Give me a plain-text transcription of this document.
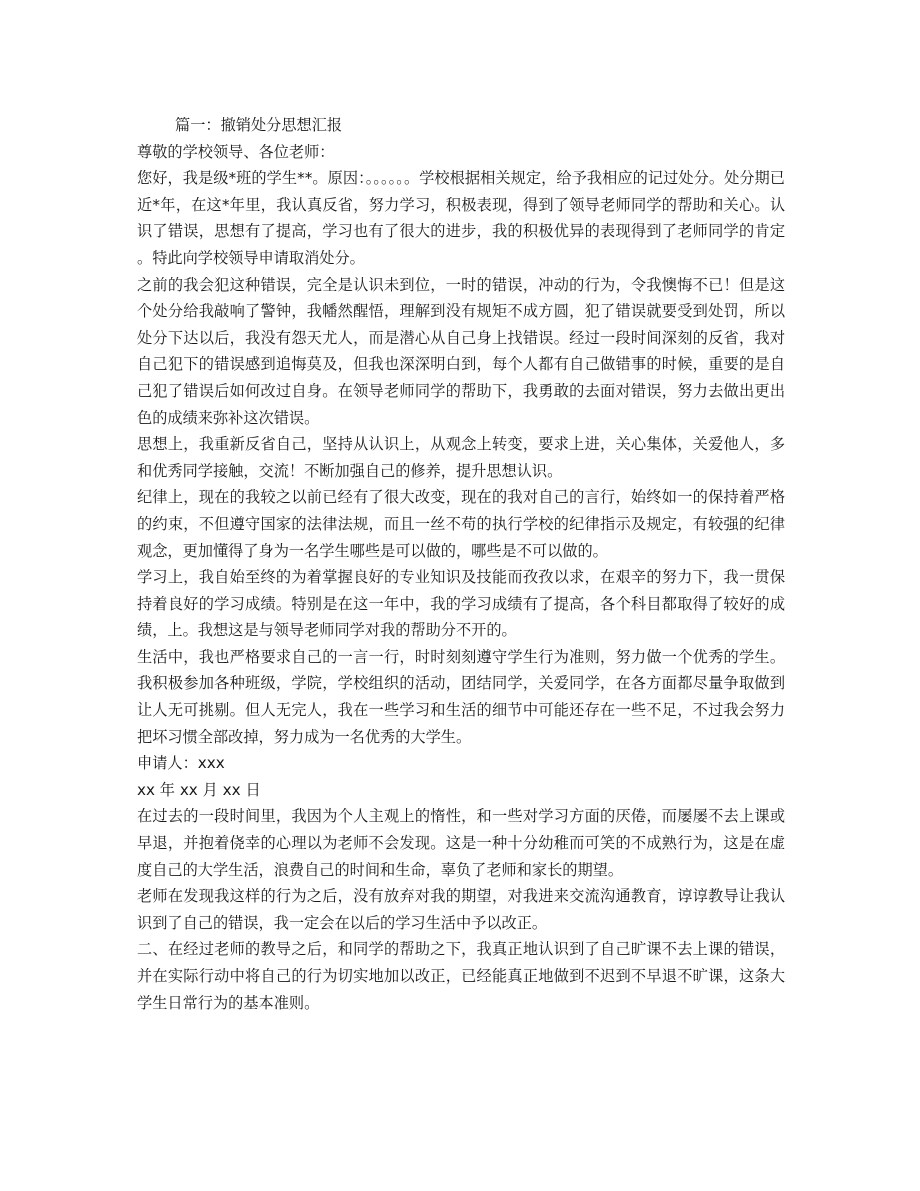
篇一：撤销处分思想汇报

尊敬的学校领导、各位老师：

您好，我是级*班的学生**。原因：。。。。。。学校根据相关规定，给予我相应的记过处分。处分期已近*年，在这*年里，我认真反省，努力学习，积极表现，得到了领导老师同学的帮助和关心。认识了错误，思想有了提高，学习也有了很大的进步，我的积极优异的表现得到了老师同学的肯定。特此向学校领导申请取消处分。

之前的我会犯这种错误，完全是认识未到位，一时的错误，冲动的行为，令我懊悔不已！但是这个处分给我敲响了警钟，我幡然醒悟，理解到没有规矩不成方圆，犯了错误就要受到处罚，所以处分下达以后，我没有怨天尤人，而是潜心从自己身上找错误。经过一段时间深刻的反省，我对自己犯下的错误感到追悔莫及，但我也深深明白到，每个人都有自己做错事的时候，重要的是自己犯了错误后如何改过自身。在领导老师同学的帮助下，我勇敢的去面对错误，努力去做出更出色的成绩来弥补这次错误。

思想上，我重新反省自己，坚持从认识上，从观念上转变，要求上进，关心集体，关爱他人，多和优秀同学接触，交流！不断加强自己的修养，提升思想认识。

纪律上，现在的我较之以前已经有了很大改变，现在的我对自己的言行，始终如一的保持着严格的约束，不但遵守国家的法律法规，而且一丝不苟的执行学校的纪律指示及规定，有较强的纪律观念，更加懂得了身为一名学生哪些是可以做的，哪些是不可以做的。

学习上，我自始至终的为着掌握良好的专业知识及技能而孜孜以求，在艰辛的努力下，我一贯保持着良好的学习成绩。特别是在这一年中，我的学习成绩有了提高，各个科目都取得了较好的成绩，上。我想这是与领导老师同学对我的帮助分不开的。

生活中，我也严格要求自己的一言一行，时时刻刻遵守学生行为准则，努力做一个优秀的学生。我积极参加各种班级，学院，学校组织的活动，团结同学，关爱同学，在各方面都尽量争取做到让人无可挑剔。但人无完人，我在一些学习和生活的细节中可能还存在一些不足，不过我会努力把坏习惯全部改掉，努力成为一名优秀的大学生。

申请人：xxx

xx 年 xx 月 xx 日

在过去的一段时间里，我因为个人主观上的惰性，和一些对学习方面的厌倦，而屡屡不去上课或早退，并抱着侥幸的心理以为老师不会发现。这是一种十分幼稚而可笑的不成熟行为，这是在虚度自己的大学生活，浪费自己的时间和生命，辜负了老师和家长的期望。

老师在发现我这样的行为之后，没有放弃对我的期望，对我进来交流沟通教育，谆谆教导让我认识到了自己的错误，我一定会在以后的学习生活中予以改正。

二、在经过老师的教导之后，和同学的帮助之下，我真正地认识到了自己旷课不去上课的错误，并在实际行动中将自己的行为切实地加以改正，已经能真正地做到不迟到不早退不旷课，这条大学生日常行为的基本准则。
